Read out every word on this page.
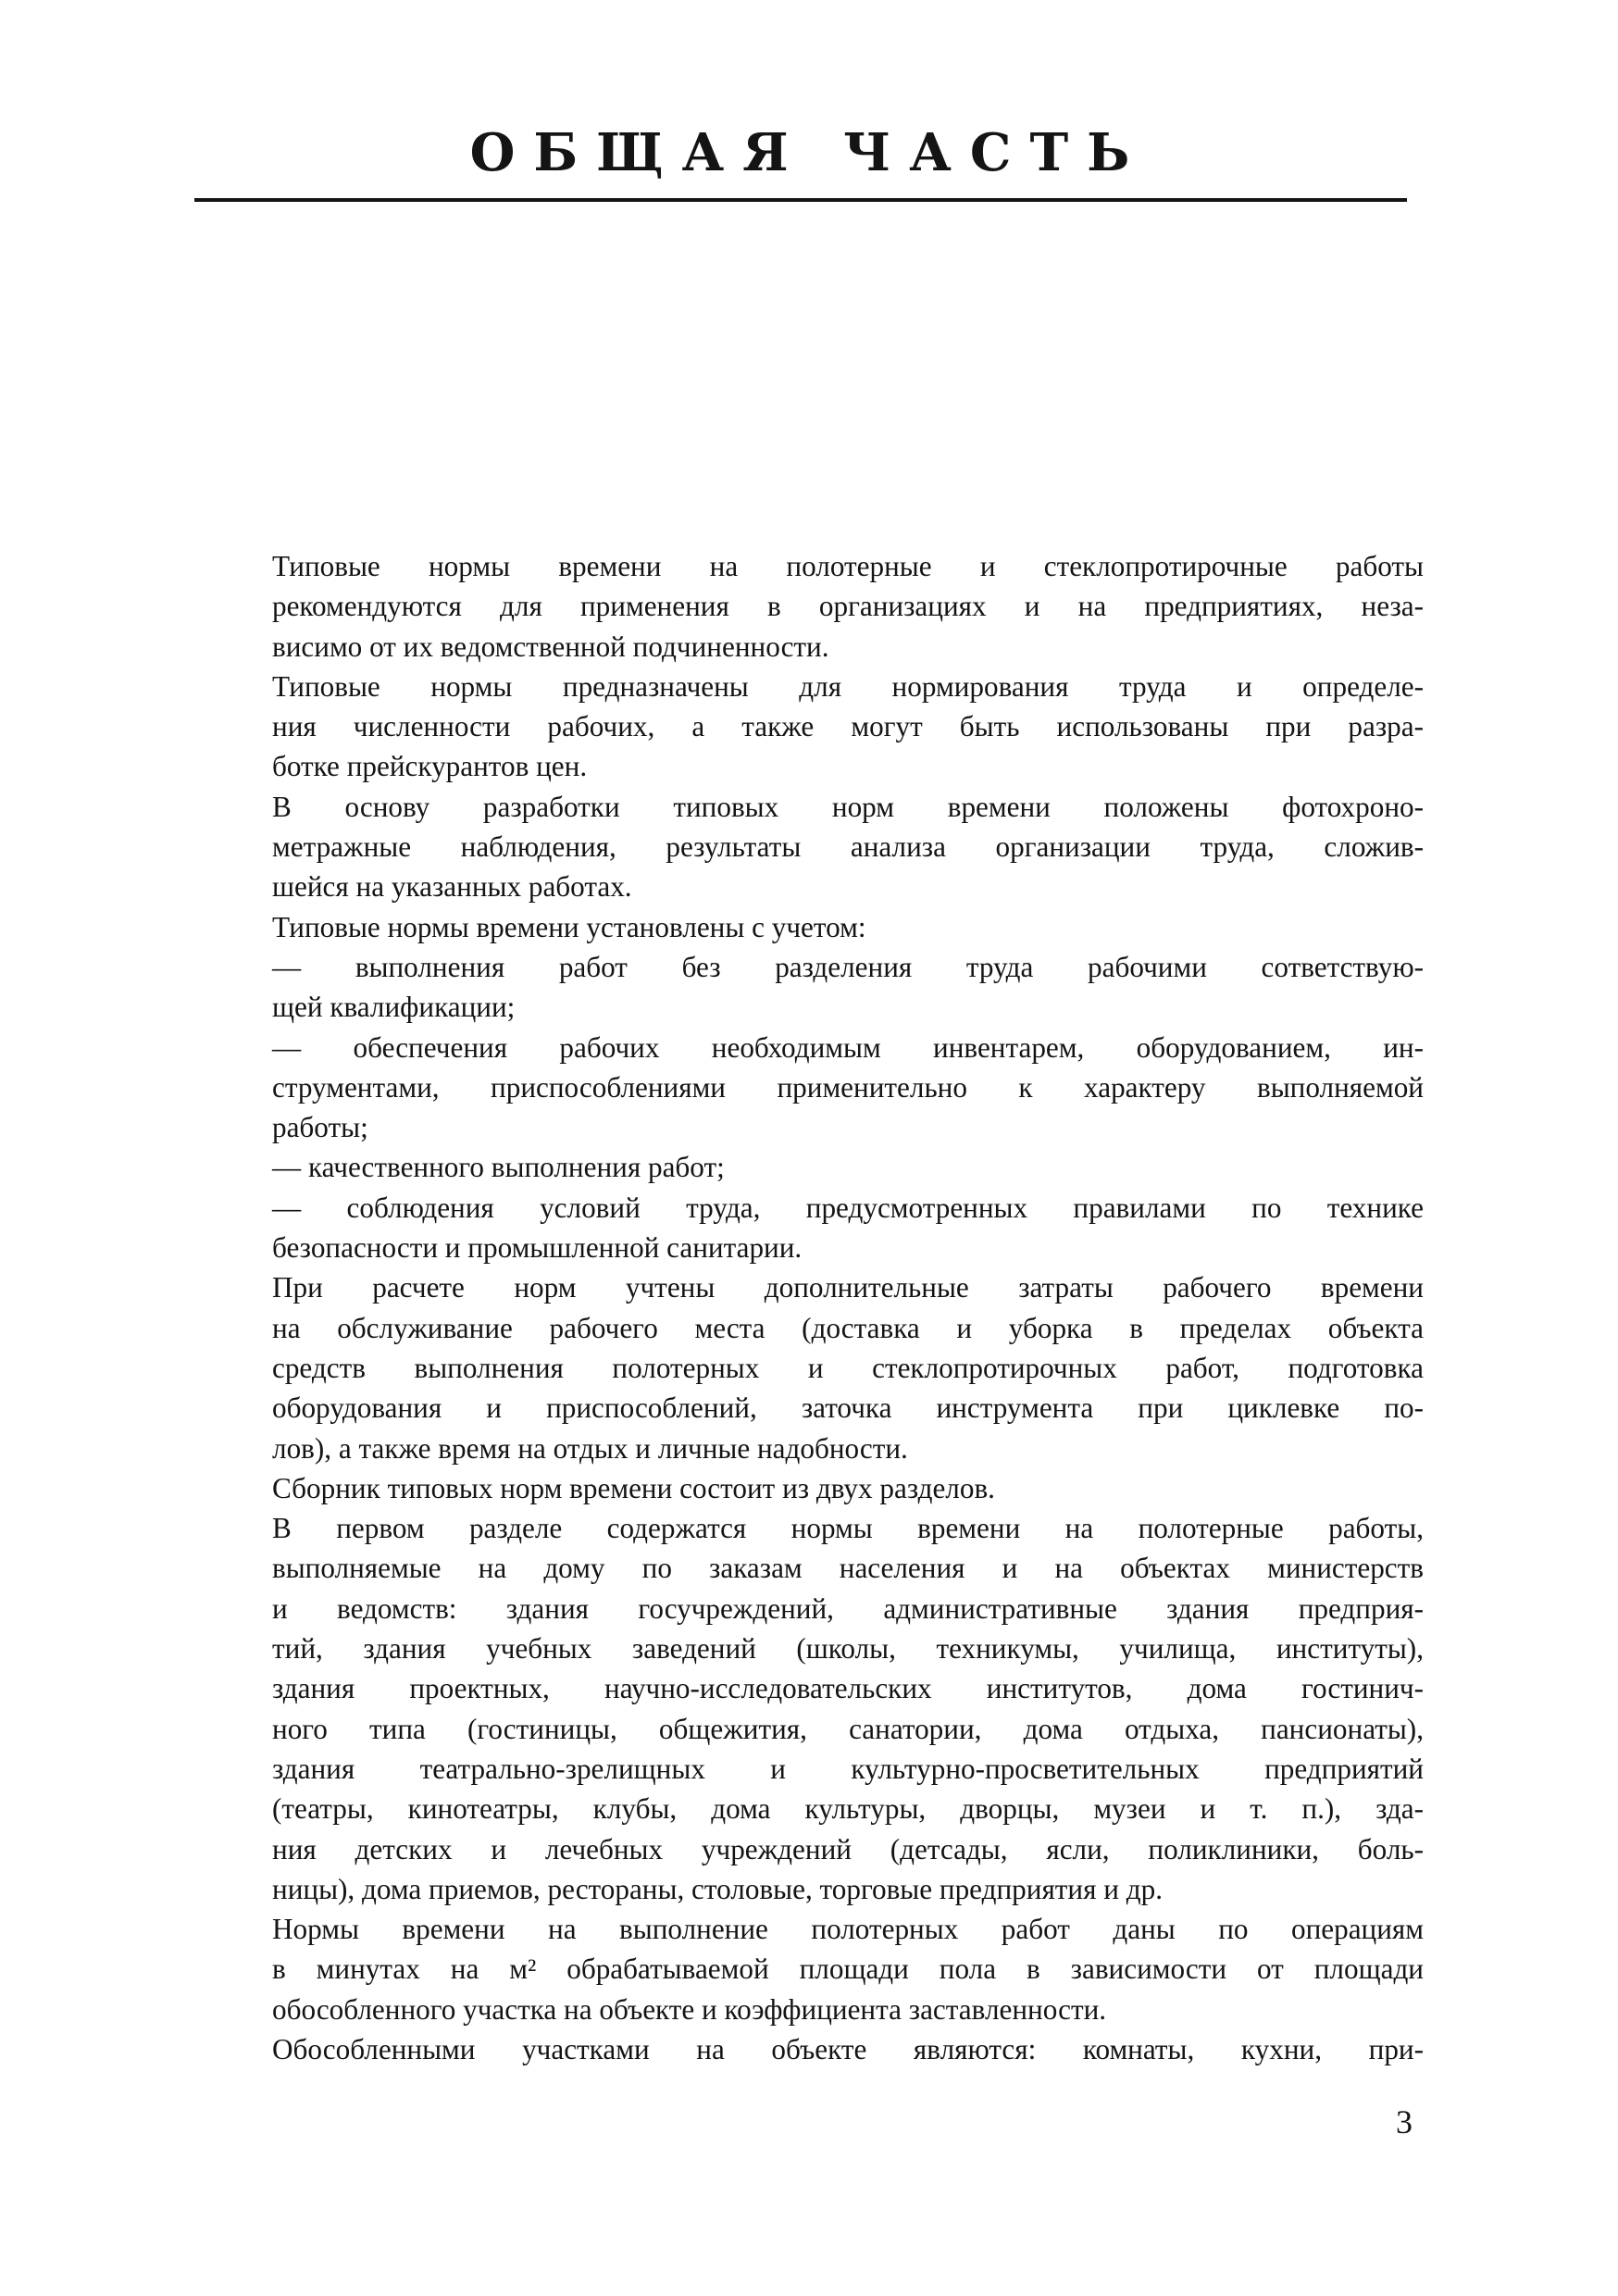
ОБЩАЯ ЧАСТЬ

Типовые нормы времени на полотерные и стеклопротирочные работы
рекомендуются для применения в организациях и на предприятиях, неза-
висимо от их ведомственной подчиненности.

Типовые нормы предназначены для нормирования труда и определе-
ния численности рабочих, а также могут быть использованы при разра-
ботке прейскурантов цен.

В основу разработки типовых норм времени положены фотохроно-
метражные наблюдения, результаты анализа организации труда, сложив-
шейся на указанных работах.

Типовые нормы времени установлены с учетом:

— выполнения работ без разделения труда рабочими сответствую-
щей квалификации;

— обеспечения рабочих необходимым инвентарем, оборудованием, ин-
струментами, приспособлениями применительно к характеру выполняемой
работы;

— качественного выполнения работ;

— соблюдения условий труда, предусмотренных правилами по технике
безопасности и промышленной санитарии.

При расчете норм учтены дополнительные затраты рабочего времени
на обслуживание рабочего места (доставка и уборка в пределах объекта
средств выполнения полотерных и стеклопротирочных работ, подготовка
оборудования и приспособлений, заточка инструмента при циклевке по-
лов), а также время на отдых и личные надобности.

Сборник типовых норм времени состоит из двух разделов.

В первом разделе содержатся нормы времени на полотерные работы,
выполняемые на дому по заказам населения и на объектах министерств
и ведомств: здания госучреждений, административные здания предприя-
тий, здания учебных заведений (школы, техникумы, училища, институты),
здания проектных, научно-исследовательских институтов, дома гостинич-
ного типа (гостиницы, общежития, санатории, дома отдыха, пансионаты),
здания театрально-зрелищных и культурно-просветительных предприятий
(театры, кинотеатры, клубы, дома культуры, дворцы, музеи и т. п.), зда-
ния детских и лечебных учреждений (детсады, ясли, поликлиники, боль-
ницы), дома приемов, рестораны, столовые, торговые предприятия и др.

Нормы времени на выполнение полотерных работ даны по операциям
в минутах на м² обрабатываемой площади пола в зависимости от площади
обособленного участка на объекте и коэффициента заставленности.

Обособленными участками на объекте являются: комнаты, кухни, при-

3
